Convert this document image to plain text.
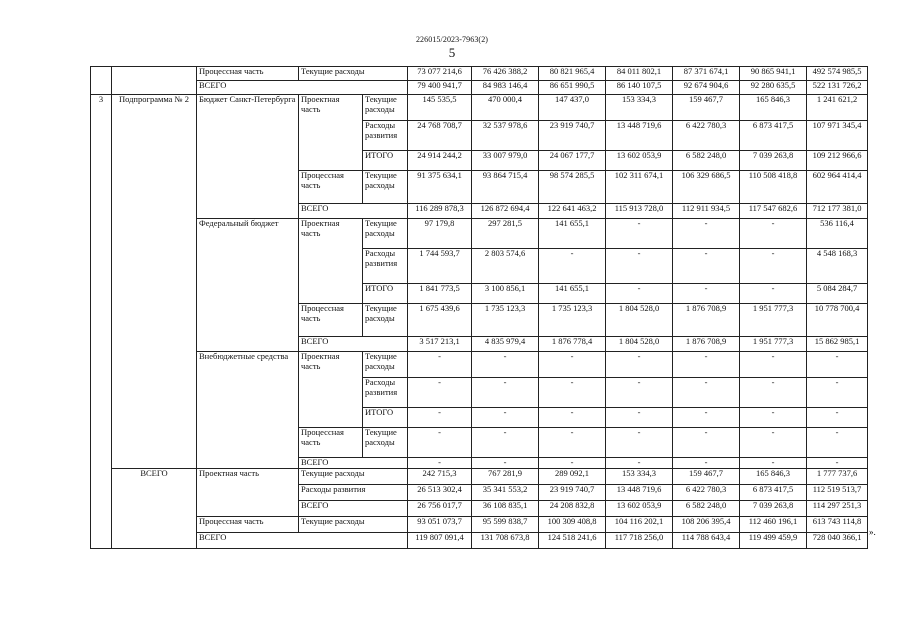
226015/2023-7963(2)
5
		Процессная часть	Текущие расходы		73 077 214,6	76 426 388,2	80 821 965,4	84 011 802,1	87 371 674,1	90 865 941,1	492 574 985,5
		ВСЕГО			79 400 941,7	84 983 146,4	86 651 990,5	86 140 107,5	92 674 904,6	92 280 635,5	522 131 726,2
3	Подпрограмма № 2	Бюджет Санкт-Петербурга	Проектная часть	Текущие расходы	145 535,5	470 000,4	147 437,0	153 334,3	159 467,7	165 846,3	1 241 621,2
				Расходы развития	24 768 708,7	32 537 978,6	23 919 740,7	13 448 719,6	6 422 780,3	6 873 417,5	107 971 345,4
				ИТОГО	24 914 244,2	33 007 979,0	24 067 177,7	13 602 053,9	6 582 248,0	7 039 263,8	109 212 966,6
			Процессная часть	Текущие расходы	91 375 634,1	93 864 715,4	98 574 285,5	102 311 674,1	106 329 686,5	110 508 418,8	602 964 414,4
			ВСЕГО		116 289 878,3	126 872 694,4	122 641 463,2	115 913 728,0	112 911 934,5	117 547 682,6	712 177 381,0
		Федеральный бюджет	Проектная часть	Текущие расходы	97 179,8	297 281,5	141 655,1	-	-	-	536 116,4
				Расходы развития	1 744 593,7	2 803 574,6	-	-	-	-	4 548 168,3
				ИТОГО	1 841 773,5	3 100 856,1	141 655,1	-	-	-	5 084 284,7
			Процессная часть	Текущие расходы	1 675 439,6	1 735 123,3	1 735 123,3	1 804 528,0	1 876 708,9	1 951 777,3	10 778 700,4
			ВСЕГО		3 517 213,1	4 835 979,4	1 876 778,4	1 804 528,0	1 876 708,9	1 951 777,3	15 862 985,1
		Внебюджетные средства	Проектная часть	Текущие расходы	-	-	-	-	-	-	-
				Расходы развития	-	-	-	-	-	-	-
				ИТОГО	-	-	-	-	-	-	-
			Процессная часть	Текущие расходы	-	-	-	-	-	-	-
			ВСЕГО		-	-	-	-	-	-	-
	ВСЕГО	Проектная часть	Текущие расходы		242 715,3	767 281,9	289 092,1	153 334,3	159 467,7	165 846,3	1 777 737,6
			Расходы развития		26 513 302,4	35 341 553,2	23 919 740,7	13 448 719,6	6 422 780,3	6 873 417,5	112 519 513,7
			ВСЕГО		26 756 017,7	36 108 835,1	24 208 832,8	13 602 053,9	6 582 248,0	7 039 263,8	114 297 251,3
		Процессная часть	Текущие расходы		93 051 073,7	95 599 838,7	100 309 408,8	104 116 202,1	108 206 395,4	112 460 196,1	613 743 114,8
		ВСЕГО			119 807 091,4	131 708 673,8	124 518 241,6	117 718 256,0	114 788 643,4	119 499 459,9	728 040 366,1 ».
